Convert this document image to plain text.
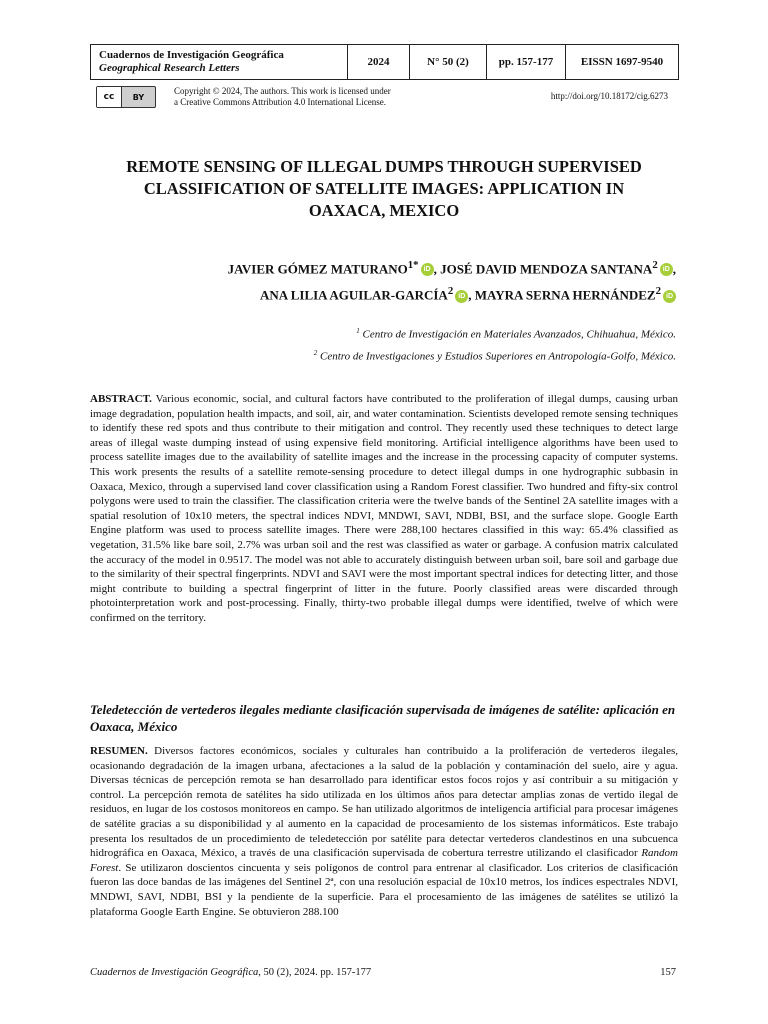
Cuadernos de Investigación Geográfica
Geographical Research Letters	2024	N° 50 (2)	pp. 157-177	EISSN 1697-9540
cc	BY
Copyright © 2024, The authors. This work is licensed under
a Creative Commons Attribution 4.0 International License.
http://doi.org/10.18172/cig.6273
REMOTE SENSING OF ILLEGAL DUMPS THROUGH SUPERVISED
CLASSIFICATION OF SATELLITE IMAGES: APPLICATION IN
OAXACA, MEXICO
JAVIER GÓMEZ $MATURANO^{1*}$ iD , JOSÉ DAVID MENDOZA SANTANA$^2$ iD ,
ANA LILIA AGUILAR-GARCÍA$^2$ iD , MAYRA SERNA HERNÁNDEZ$^2$ iD
$^1$ Centro de Investigación en Materiales Avanzados, Chihuahua, México.
$^2$ Centro de Investigaciones y Estudios Superiores en Antropología-Golfo, México.

ABSTRACT. Various economic, social, and cultural factors have contributed to the proliferation of illegal dumps, causing urban image degradation, population health impacts, and soil, air, and water contamination. Scientists developed remote sensing techniques to identify these red spots and thus contribute to their mitigation and control. They recently used these techniques to detect large areas of illegal waste dumping instead of using expensive field monitoring. Artificial intelligence algorithms have been used to process satellite images due to the availability of satellite images and the increase in the processing capacity of computer systems. This work presents the results of a satellite remote-sensing procedure to detect illegal dumps in one hydrographic subbasin in Oaxaca, Mexico, through a supervised land cover classification using a Random Forest classifier. Two hundred and fifty-six control polygons were used to train the classifier. The classification criteria were the twelve bands of the Sentinel 2A satellite images with a spatial resolution of 10x10 meters, the spectral indices NDVI, MNDWI, SAVI, NDBI, BSI, and the surface slope. Google Earth Engine platform was used to process satellite images. There were 288,100 hectares classified in this way: 65.4% classified as vegetation, 31.5% like bare soil, 2.7% was urban soil and the rest was classified as water or garbage. A confusion matrix calculated the accuracy of the model in 0.9517. The model was not able to accurately distinguish between urban soil, bare soil and garbage due to the similarity of their spectral fingerprints. NDVI and SAVI were the most important spectral indices for detecting litter, and those might contribute to building a spectral fingerprint of litter in the future. Poorly classified areas were discarded through photointerpretation work and post-processing. Finally, thirty-two probable illegal dumps were identified, twelve of which were confirmed on the territory.

Teledetección de vertederos ilegales mediante clasificación supervisada de imágenes de satélite: aplicación en Oaxaca, México

RESUMEN. Diversos factores económicos, sociales y culturales han contribuido a la proliferación de vertederos ilegales, ocasionando degradación de la imagen urbana, afectaciones a la salud de la población y contaminación del suelo, aire y agua. Diversas técnicas de percepción remota se han desarrollado para identificar estos focos rojos y así contribuir a su mitigación y control. La percepción remota de satélites ha sido utilizada en los últimos años para detectar amplias zonas de vertido ilegal de residuos, en lugar de los costosos monitoreos en campo. Se han utilizado algoritmos de inteligencia artificial para procesar imágenes de satélite gracias a su disponibilidad y al aumento en la capacidad de procesamiento de los sistemas informáticos. Este trabajo presenta los resultados de un procedimiento de teledetección por satélite para detectar vertederos clandestinos en una subcuenca hidrográfica en Oaxaca, México, a través de una clasificación supervisada de cobertura terrestre utilizando el clasificador Random Forest. Se utilizaron doscientos cincuenta y seis polígonos de control para entrenar al clasificador. Los criterios de clasificación fueron las doce bandas de las imágenes del Sentinel 2ª, con una resolución espacial de 10x10 metros, los índices espectrales NDVI, MNDWI, SAVI, NDBI, BSI y la pendiente de la superficie. Para el procesamiento de las imágenes de satélites se utilizó la plataforma Google Earth Engine. Se obtuvieron 288.100

Cuadernos de Investigación Geográfica, 50 (2), 2024. pp. 157-177	157
